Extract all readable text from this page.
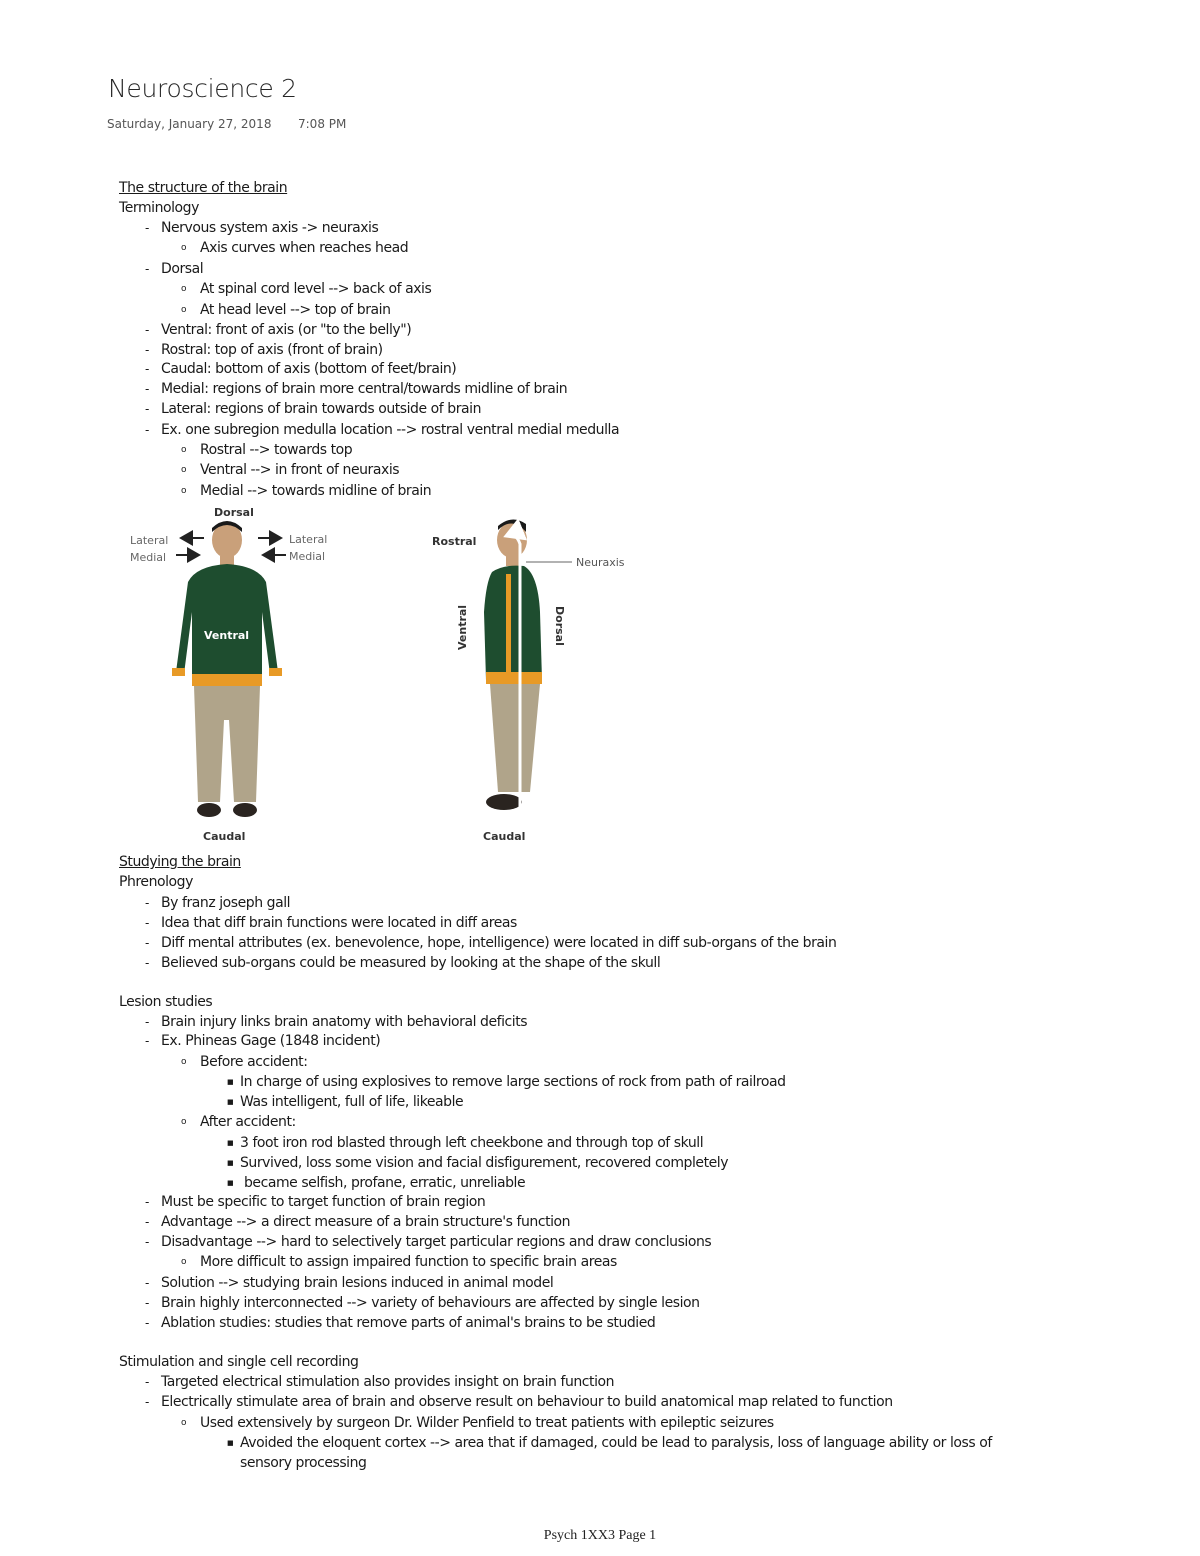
Neuroscience 2
Saturday, January 27, 2018 7:08 PM
The structure of the brain
Terminology
- Nervous system axis -> neuraxis
o Axis curves when reaches head
- Dorsal
o At spinal cord level --> back of axis
o At head level --> top of brain
- Ventral: front of axis (or "to the belly")
- Rostral: top of axis (front of brain)
- Caudal: bottom of axis (bottom of feet/brain)
- Medial: regions of brain more central/towards midline of brain
- Lateral: regions of brain towards outside of brain
- Ex. one subregion medulla location --> rostral ventral medial medulla
o Rostral --> towards top
o Ventral --> in front of neuraxis
o Medial --> towards midline of brain
Dorsal
Caudal
Ventral
Lateral
Medial
Lateral
Medial
Rostral
Neuraxis
Ventral	Dorsal
Caudal
Studying the brain
Phrenology
- By franz joseph gall
- Idea that diff brain functions were located in diff areas
- Diff mental attributes (ex. benevolence, hope, intelligence) were located in diff sub-organs of the brain
- Believed sub-organs could be measured by looking at the shape of the skull
Lesion studies
- Brain injury links brain anatomy with behavioral deficits
- Ex. Phineas Gage (1848 incident)
o Before accident:
■ In charge of using explosives to remove large sections of rock from path of railroad
■ Was intelligent, full of life, likeable
o After accident:
■ 3 foot iron rod blasted through left cheekbone and through top of skull
■ Survived, loss some vision and facial disfigurement, recovered completely
■ became selfish, profane, erratic, unreliable
- Must be specific to target function of brain region
- Advantage --> a direct measure of a brain structure's function
- Disadvantage --> hard to selectively target particular regions and draw conclusions
o More difficult to assign impaired function to specific brain areas
- Solution --> studying brain lesions induced in animal model
- Brain highly interconnected --> variety of behaviours are affected by single lesion
- Ablation studies: studies that remove parts of animal's brains to be studied
Stimulation and single cell recording
- Targeted electrical stimulation also provides insight on brain function
- Electrically stimulate area of brain and observe result on behaviour to build anatomical map related to function
o Used extensively by surgeon Dr. Wilder Penfield to treat patients with epileptic seizures
■ Avoided the eloquent cortex --> area that if damaged, could be lead to paralysis, loss of language ability or loss of
sensory processing
Psych 1XX3 Page 1
